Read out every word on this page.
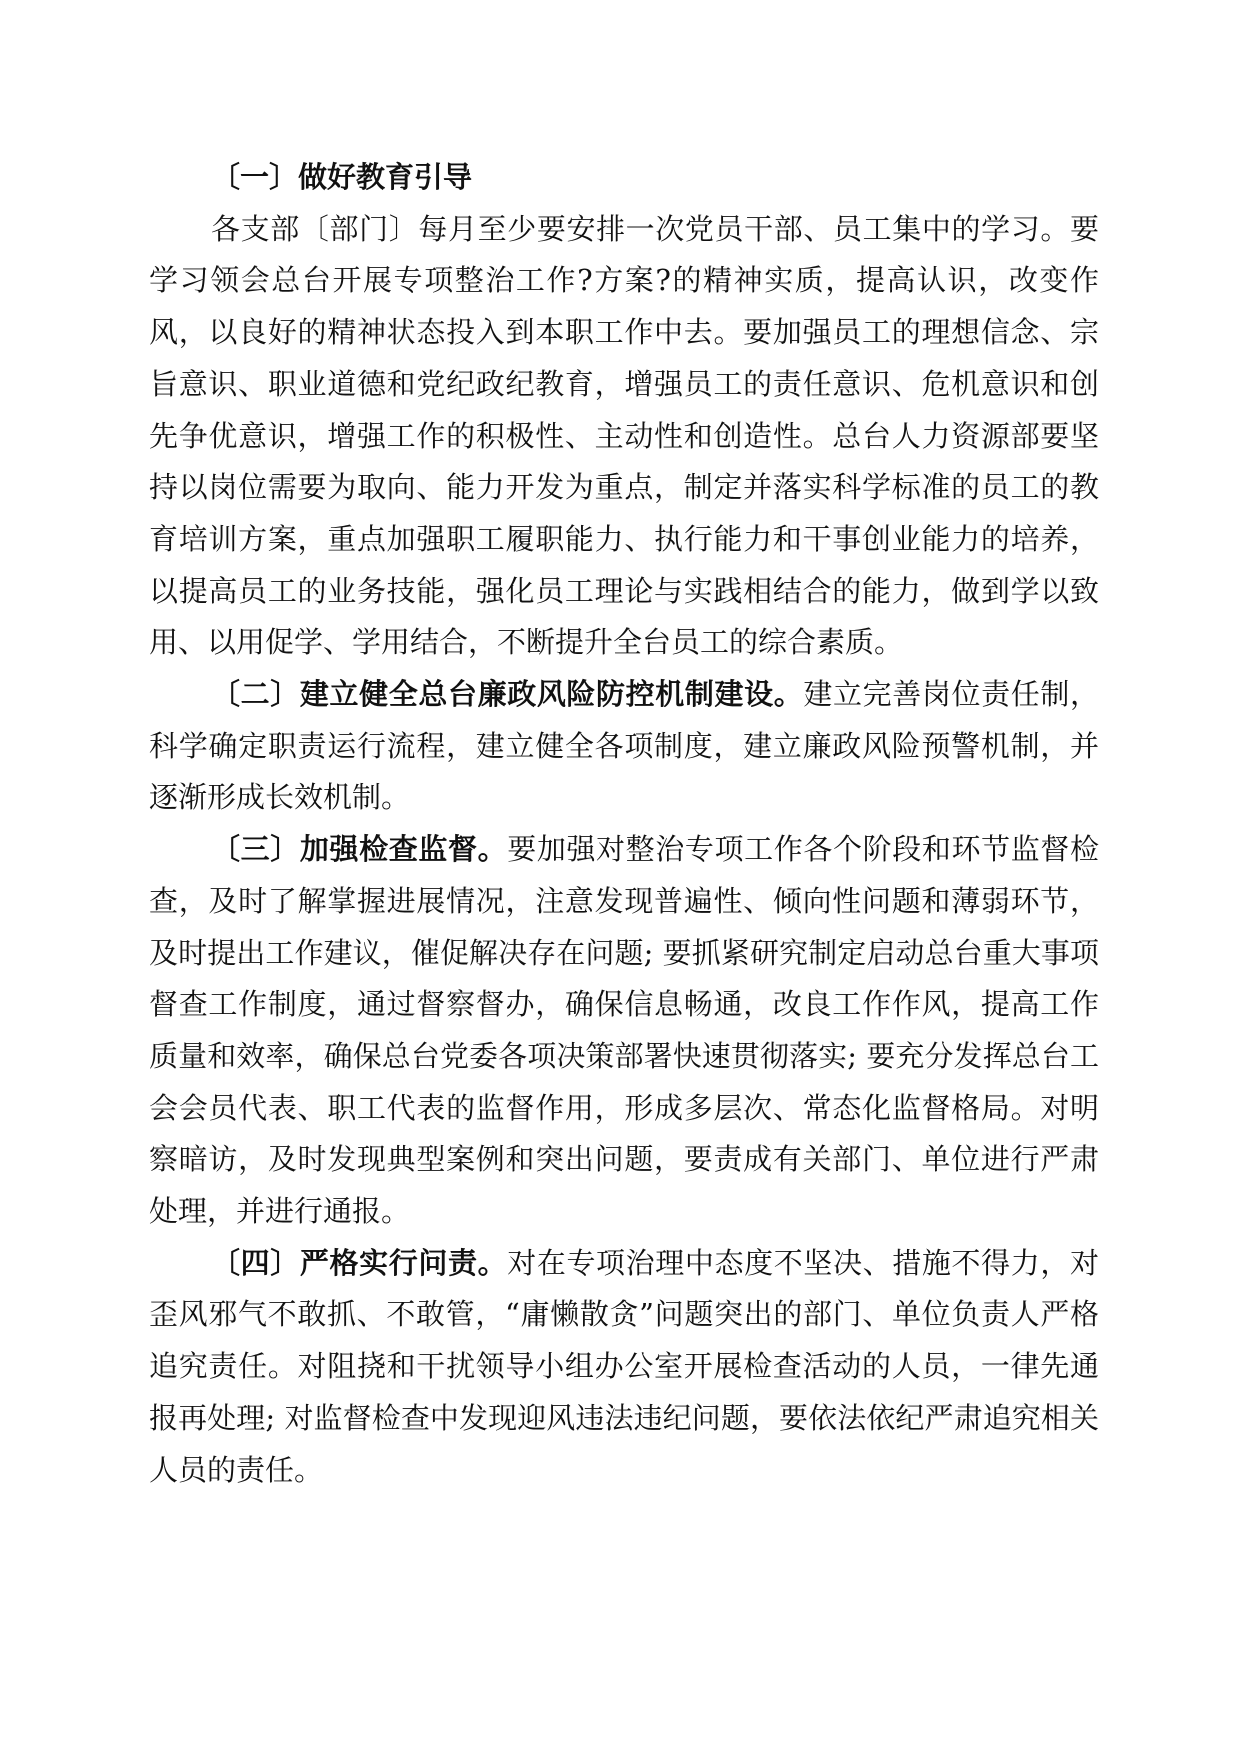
〔一〕做好教育引导

各支部〔部门〕每月至少要安排一次党员干部、员工集中的学习。要学习领会总台开展专项整治工作?方案?的精神实质，提高认识，改变作风，以良好的精神状态投入到本职工作中去。要加强员工的理想信念、宗旨意识、职业道德和党纪政纪教育，增强员工的责任意识、危机意识和创先争优意识，增强工作的积极性、主动性和创造性。总台人力资源部要坚持以岗位需要为取向、能力开发为重点，制定并落实科学标准的员工的教育培训方案，重点加强职工履职能力、执行能力和干事创业能力的培养，以提高员工的业务技能，强化员工理论与实践相结合的能力，做到学以致用、以用促学、学用结合，不断提升全台员工的综合素质。

〔二〕建立健全总台廉政风险防控机制建设。建立完善岗位责任制，科学确定职责运行流程，建立健全各项制度，建立廉政风险预警机制，并逐渐形成长效机制。

〔三〕加强检查监督。要加强对整治专项工作各个阶段和环节监督检查，及时了解掌握进展情况，注意发现普遍性、倾向性问题和薄弱环节，及时提出工作建议，催促解决存在问题; 要抓紧研究制定启动总台重大事项督查工作制度，通过督察督办，确保信息畅通，改良工作作风，提高工作质量和效率，确保总台党委各项决策部署快速贯彻落实; 要充分发挥总台工会会员代表、职工代表的监督作用，形成多层次、常态化监督格局。对明察暗访，及时发现典型案例和突出问题，要责成有关部门、单位进行严肃处理，并进行通报。

〔四〕严格实行问责。对在专项治理中态度不坚决、措施不得力，对歪风邪气不敢抓、不敢管，“庸懒散贪”问题突出的部门、单位负责人严格追究责任。对阻挠和干扰领导小组办公室开展检查活动的人员，一律先通报再处理; 对监督检查中发现迎风违法违纪问题，要依法依纪严肃追究相关人员的责任。
